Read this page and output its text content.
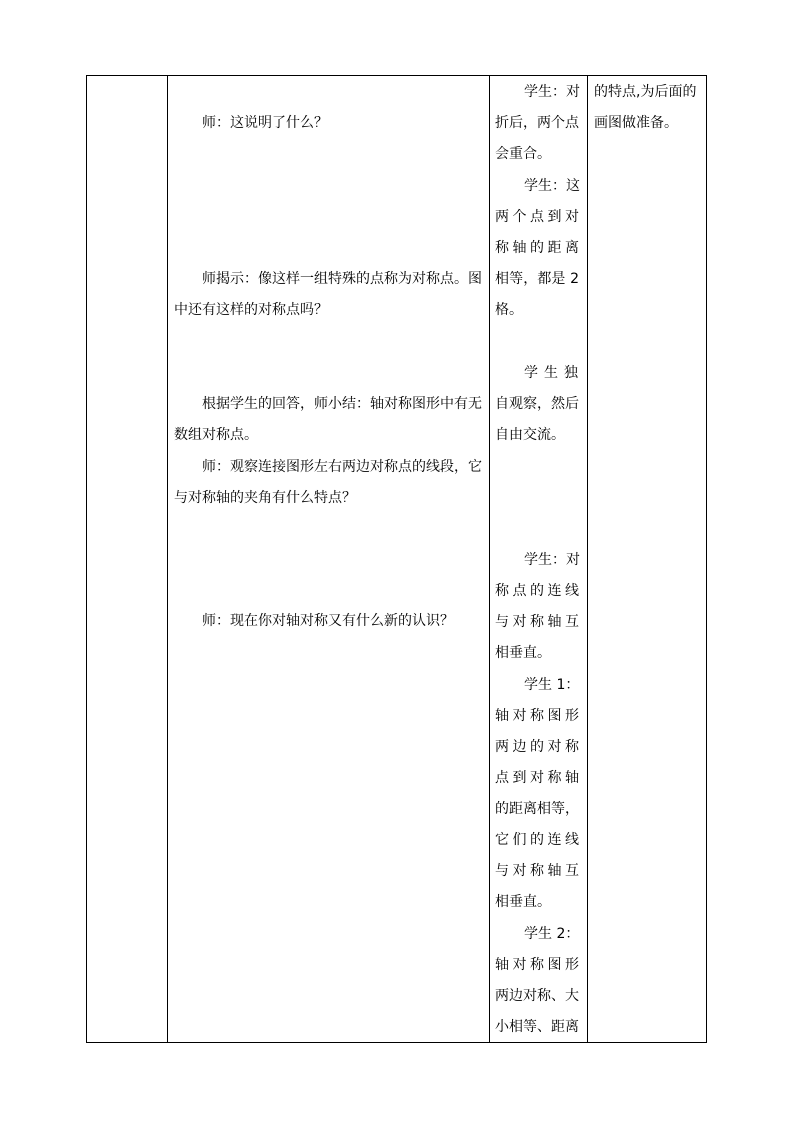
师：这说明了什么？
师揭示：像这样一组特殊的点称为对称点。图
中还有这样的对称点吗？
根据学生的回答，师小结：轴对称图形中有无
数组对称点。
师：观察连接图形左右两边对称点的线段，它
与对称轴的夹角有什么特点？
师：现在你对轴对称又有什么新的认识？
学生：对
折后，两个点
会重合。
学生：这
两个点到对
称轴的距离
相等，都是 2
格。
学生独
自观察，然后
自由交流。
学生：对
称点的连线
与对称轴互
相垂直。
学生 1：
轴对称图形
两边的对称
点到对称轴
的距离相等，
它们的连线
与对称轴互
相垂直。
学生 2：
轴对称图形
两边对称、大
小相等、距离
的特点,为后面的
画图做准备。
